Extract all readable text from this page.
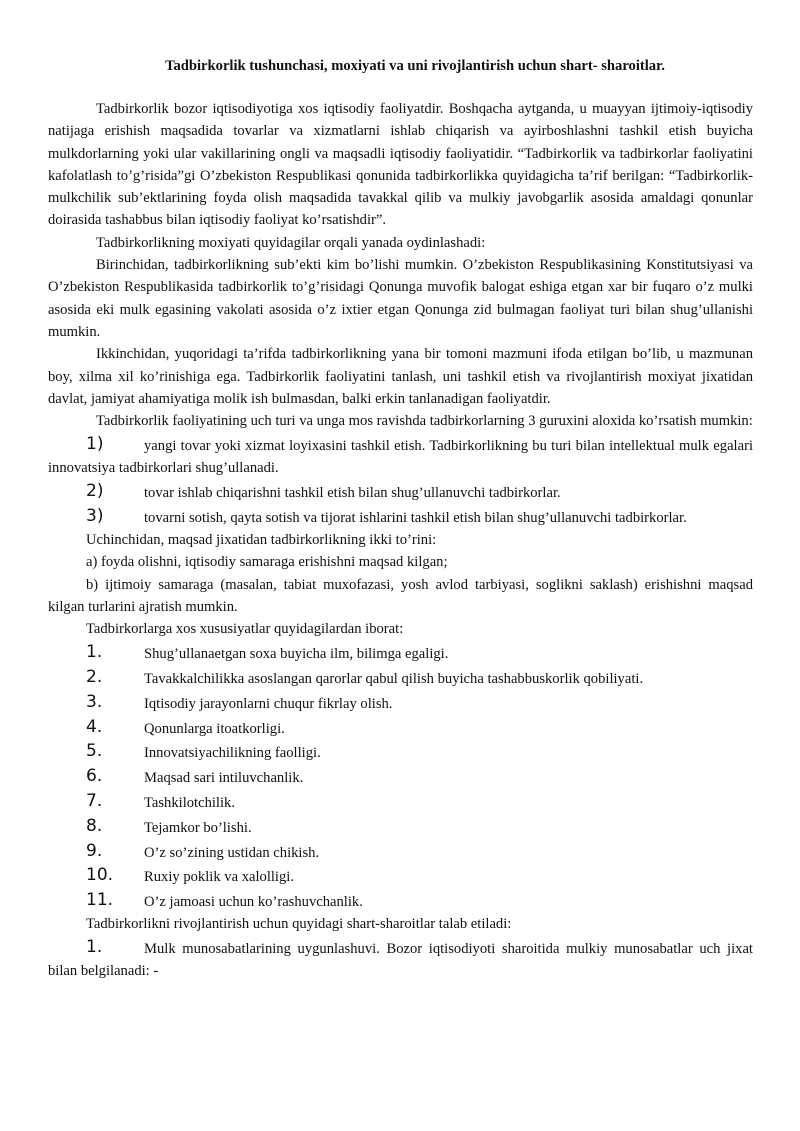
Tadbirkorlik tushunchasi, moxiyati va uni rivojlantirish uchun shart- sharoitlar.

Tadbirkorlik bozor iqtisodiyotiga xos iqtisodiy faoliyatdir. Boshqacha aytganda, u muayyan ijtimoiy-iqtisodiy natijaga erishish maqsadida tovarlar va xizmatlarni ishlab chiqarish va ayirboshlashni tashkil etish buyicha mulkdorlarning yoki ular vakillarining ongli va maqsadli iqtisodiy faoliyatidir. “Tadbirkorlik va tadbirkorlar faoliyatini kafolatlash to’g’risida”gi O’zbekiston Respublikasi qonunida tadbirkorlikka quyidagicha ta’rif berilgan: “Tadbirkorlik-mulkchilik sub’ektlarining foyda olish maqsadida tavakkal qilib va mulkiy javobgarlik asosida amaldagi qonunlar doirasida tashabbus bilan iqtisodiy faoliyat ko’rsatishdir”.

Tadbirkorlikning moxiyati quyidagilar orqali yanada oydinlashadi:

Birinchidan, tadbirkorlikning sub’ekti kim bo’lishi mumkin. O’zbekiston Respublikasining Konstitutsiyasi va O’zbekiston Respublikasida tadbirkorlik to’g’risidagi Qonunga muvofik balogat eshiga etgan xar bir fuqaro o’z mulki asosida eki mulk egasining vakolati asosida o’z ixtier etgan Qonunga zid bulmagan faoliyat turi bilan shug’ullanishi mumkin.

Ikkinchidan, yuqoridagi ta’rifda tadbirkorlikning yana bir tomoni mazmuni ifoda etilgan bo’lib, u mazmunan boy, xilma xil ko’rinishiga ega. Tadbirkorlik faoliyatini tanlash, uni tashkil etish va rivojlantirish moxiyat jixatidan davlat, jamiyat ahamiyatiga molik ish bulmasdan, balki erkin tanlanadigan faoliyatdir.

Tadbirkorlik faoliyatining uch turi va unga mos ravishda tadbirkorlarning 3 guruxini aloxida ko’rsatish mumkin:

1)	yangi tovar yoki xizmat loyixasini tashkil etish. Tadbirkorlikning bu turi bilan intellektual mulk egalari innovatsiya tadbirkorlari shug’ullanadi.

2)	tovar ishlab chiqarishni tashkil etish bilan shug’ullanuvchi tadbirkorlar.

3)	tovarni sotish, qayta sotish va tijorat ishlarini tashkil etish bilan shug’ullanuvchi tadbirkorlar.

Uchinchidan, maqsad jixatidan tadbirkorlikning ikki to’rini:

a) foyda olishni, iqtisodiy samaraga erishishni maqsad kilgan;

b) ijtimoiy samaraga (masalan, tabiat muxofazasi, yosh avlod tarbiyasi, soglikni saklash) erishishni maqsad kilgan turlarini ajratish mumkin.

Tadbirkorlarga xos xususiyatlar quyidagilardan iborat:

1.	Shug’ullanaetgan soxa buyicha ilm, bilimga egaligi.

2.	Tavakkalchilikka asoslangan qarorlar qabul qilish buyicha tashabbuskorlik qobiliyati.

3.	Iqtisodiy jarayonlarni chuqur fikrlay olish.

4.	Qonunlarga itoatkorligi.

5.	Innovatsiyachilikning faolligi.

6.	Maqsad sari intiluvchanlik.

7.	Tashkilotchilik.

8.	Tejamkor bo’lishi.

9.	O’z so’zining ustidan chikish.

10. Ruxiy poklik va xalolligi.

11. O’z jamoasi uchun ko’rashuvchanlik.

Tadbirkorlikni rivojlantirish uchun quyidagi shart-sharoitlar talab etiladi:

1.	Mulk munosabatlarining uygunlashuvi. Bozor iqtisodiyoti sharoitida mulkiy munosabatlar uch jixat bilan belgilanadi: -
